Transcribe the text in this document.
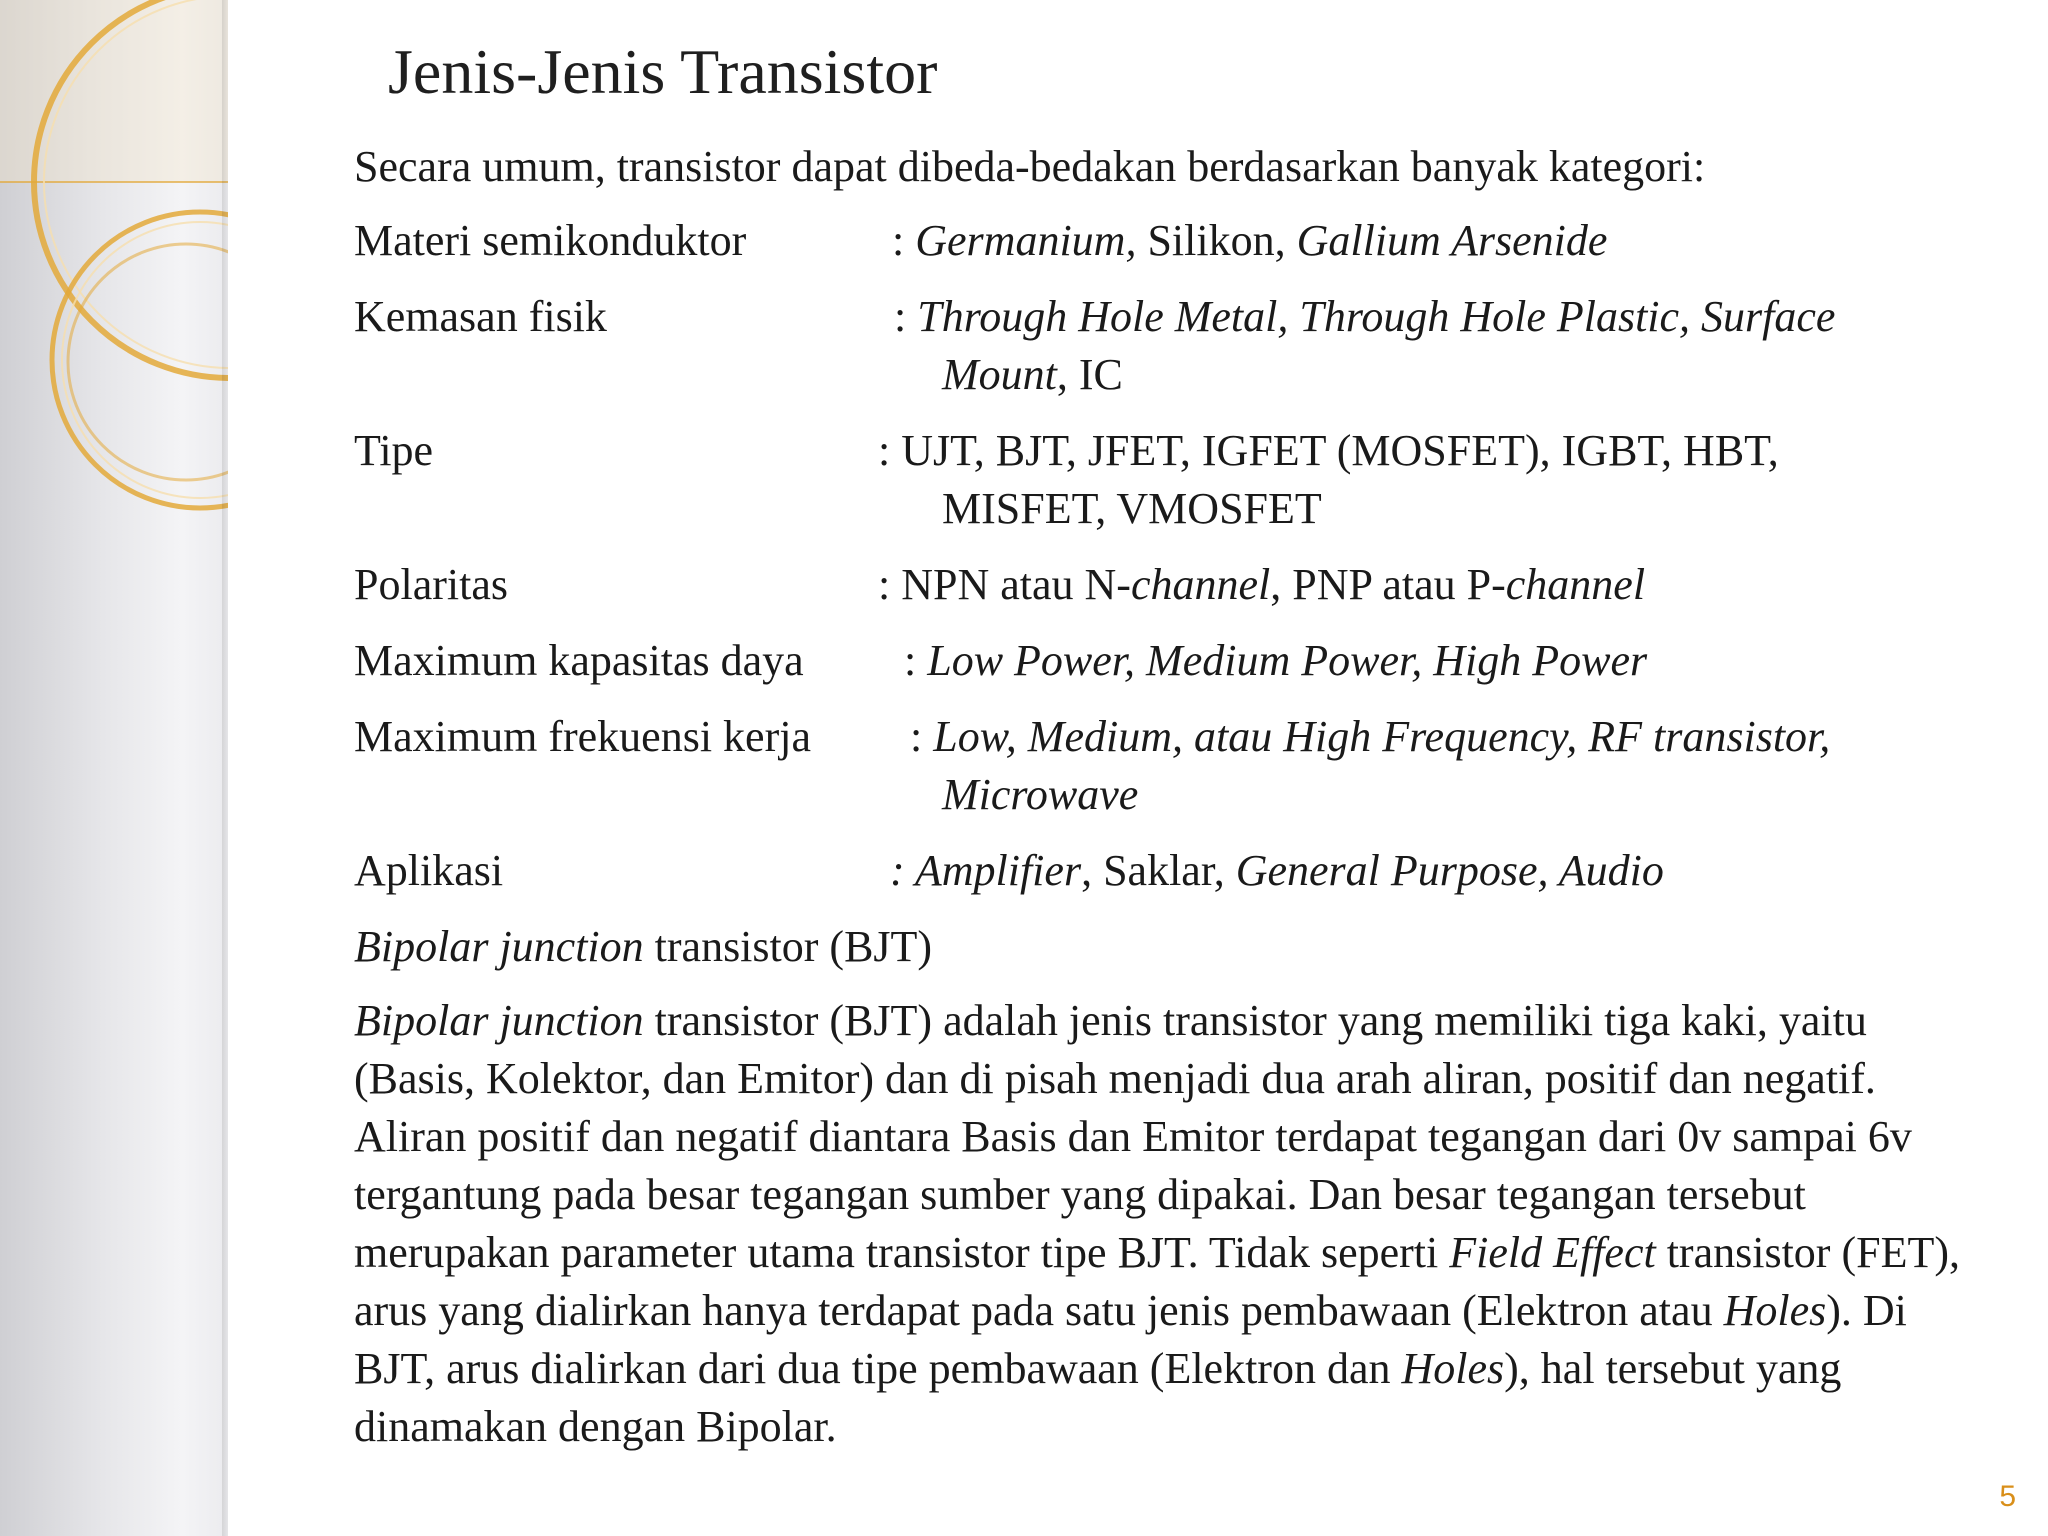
Jenis-Jenis Transistor
Secara umum, transistor dapat dibeda-bedakan berdasarkan banyak kategori:
Materi semikonduktor	: Germanium, Silikon, Gallium Arsenide
Kemasan fisik	: Through Hole Metal, Through Hole Plastic, Surface
Mount, IC
Tipe	: UJT, BJT, JFET, IGFET (MOSFET), IGBT, HBT,
MISFET, VMOSFET
Polaritas	: NPN atau N-channel, PNP atau P-channel
Maximum kapasitas daya : Low Power, Medium Power, High Power
Maximum frekuensi kerja : Low, Medium, atau High Frequency, RF transistor,
Microwave
Aplikasi	: Amplifier, Saklar, General Purpose, Audio
Bipolar junction transistor (BJT)
Bipolar junction transistor (BJT) adalah jenis transistor yang memiliki tiga kaki, yaitu (Basis, Kolektor, dan Emitor) dan di pisah menjadi dua arah aliran, positif dan negatif. Aliran positif dan negatif diantara Basis dan Emitor terdapat tegangan dari 0v sampai 6v tergantung pada besar tegangan sumber yang dipakai. Dan besar tegangan tersebut merupakan parameter utama transistor tipe BJT. Tidak seperti Field Effect transistor (FET), arus yang dialirkan hanya terdapat pada satu jenis pembawaan (Elektron atau Holes). Di BJT, arus dialirkan dari dua tipe pembawaan (Elektron dan Holes), hal tersebut yang dinamakan dengan Bipolar.
5
